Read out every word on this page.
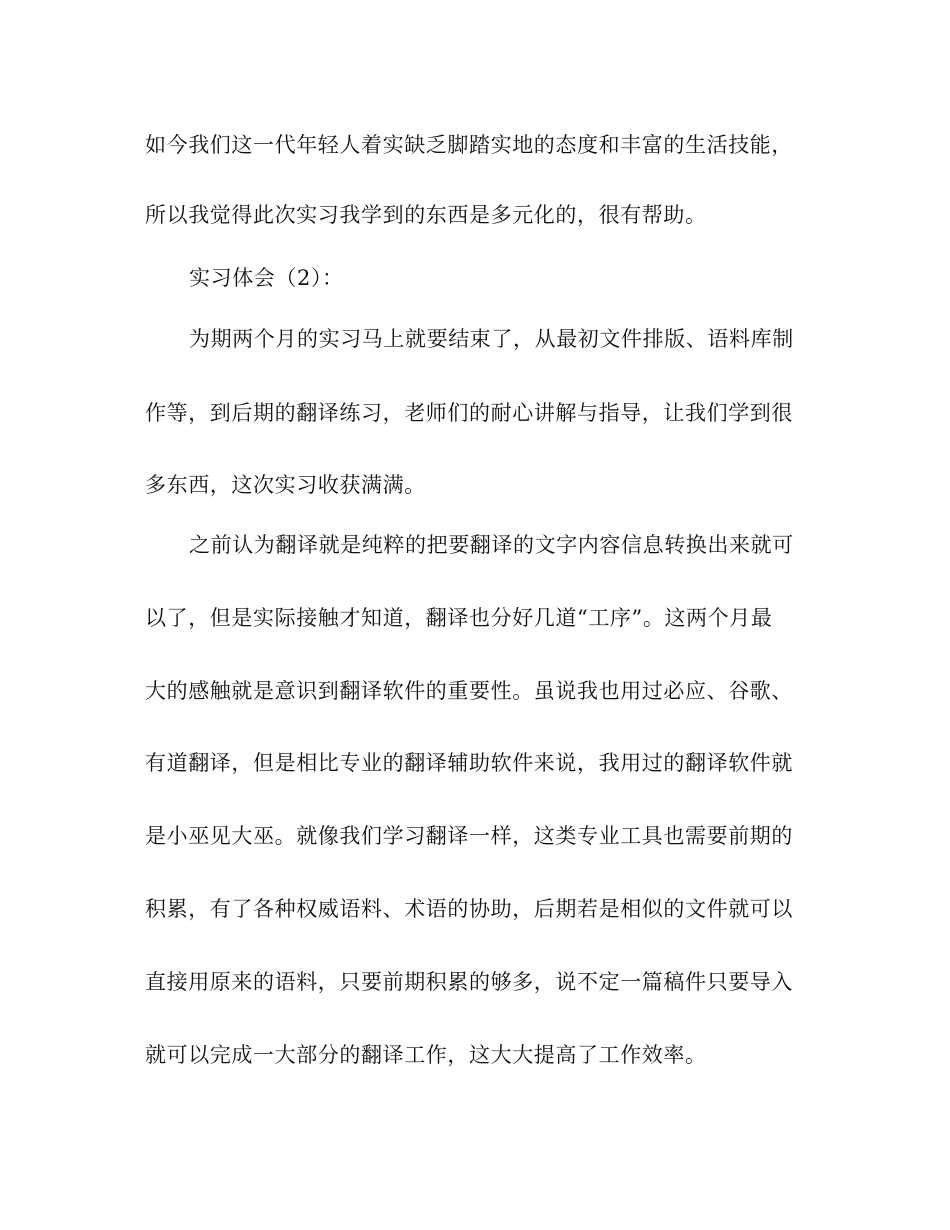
如今我们这一代年轻人着实缺乏脚踏实地的态度和丰富的生活技能，
所以我觉得此次实习我学到的东西是多元化的，很有帮助。
实习体会（2）：
为期两个月的实习马上就要结束了，从最初文件排版、语料库制
作等，到后期的翻译练习，老师们的耐心讲解与指导，让我们学到很
多东西，这次实习收获满满。
之前认为翻译就是纯粹的把要翻译的文字内容信息转换出来就可
以了，但是实际接触才知道，翻译也分好几道“工序”。这两个月最
大的感触就是意识到翻译软件的重要性。虽说我也用过必应、谷歌、
有道翻译，但是相比专业的翻译辅助软件来说，我用过的翻译软件就
是小巫见大巫。就像我们学习翻译一样，这类专业工具也需要前期的
积累，有了各种权威语料、术语的协助，后期若是相似的文件就可以
直接用原来的语料，只要前期积累的够多，说不定一篇稿件只要导入
就可以完成一大部分的翻译工作，这大大提高了工作效率。
